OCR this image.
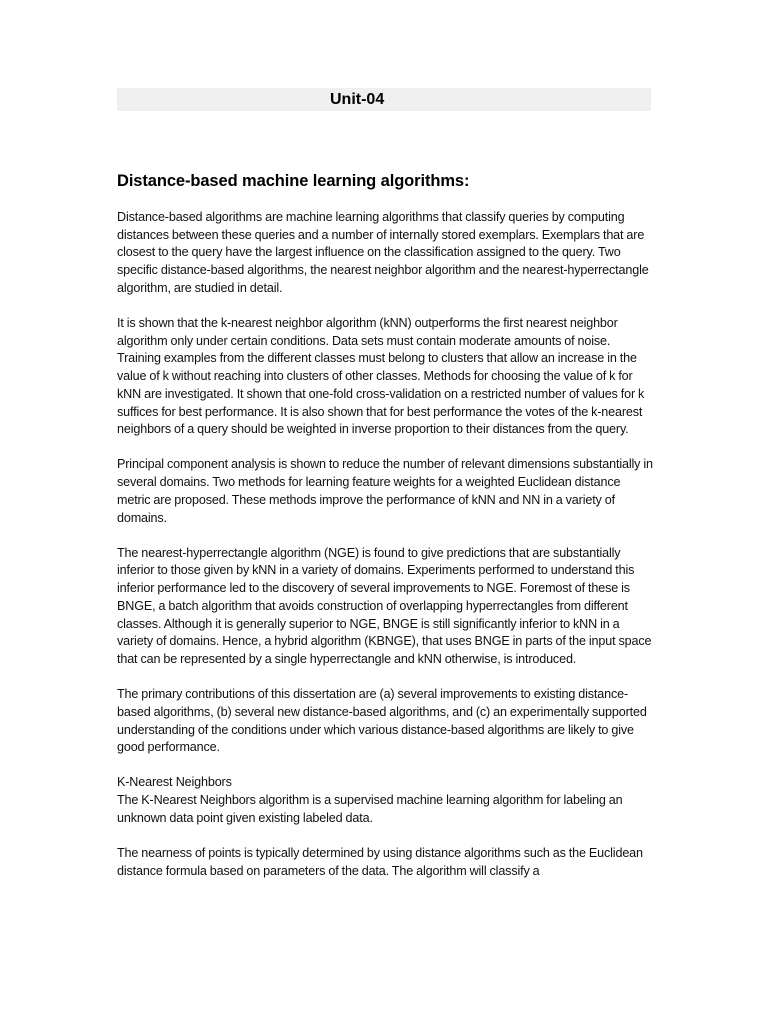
Unit-04
Distance-based machine learning algorithms:

Distance-based algorithms are machine learning algorithms that classify queries by computing distances between these queries and a number of internally stored exemplars. Exemplars that are closest to the query have the largest influence on the classification assigned to the query. Two specific distance-based algorithms, the nearest neighbor algorithm and the nearest-hyperrectangle algorithm, are studied in detail.

It is shown that the k-nearest neighbor algorithm (kNN) outperforms the first nearest neighbor algorithm only under certain conditions. Data sets must contain moderate amounts of noise. Training examples from the different classes must belong to clusters that allow an increase in the value of k without reaching into clusters of other classes. Methods for choosing the value of k for kNN are investigated. It shown that one-fold cross-validation on a restricted number of values for k suffices for best performance. It is also shown that for best performance the votes of the k-nearest neighbors of a query should be weighted in inverse proportion to their distances from the query.

Principal component analysis is shown to reduce the number of relevant dimensions substantially in several domains. Two methods for learning feature weights for a weighted Euclidean distance metric are proposed. These methods improve the performance of kNN and NN in a variety of domains.

The nearest-hyperrectangle algorithm (NGE) is found to give predictions that are substantially inferior to those given by kNN in a variety of domains. Experiments performed to understand this inferior performance led to the discovery of several improvements to NGE. Foremost of these is BNGE, a batch algorithm that avoids construction of overlapping hyperrectangles from different classes. Although it is generally superior to NGE, BNGE is still significantly inferior to kNN in a variety of domains. Hence, a hybrid algorithm (KBNGE), that uses BNGE in parts of the input space that can be represented by a single hyperrectangle and kNN otherwise, is introduced.

The primary contributions of this dissertation are (a) several improvements to existing distance-based algorithms, (b) several new distance-based algorithms, and (c) an experimentally supported understanding of the conditions under which various distance-based algorithms are likely to give good performance.

K-Nearest Neighbors

The K-Nearest Neighbors algorithm is a supervised machine learning algorithm for labeling an unknown data point given existing labeled data.

The nearness of points is typically determined by using distance algorithms such as the Euclidean distance formula based on parameters of the data. The algorithm will classify a
